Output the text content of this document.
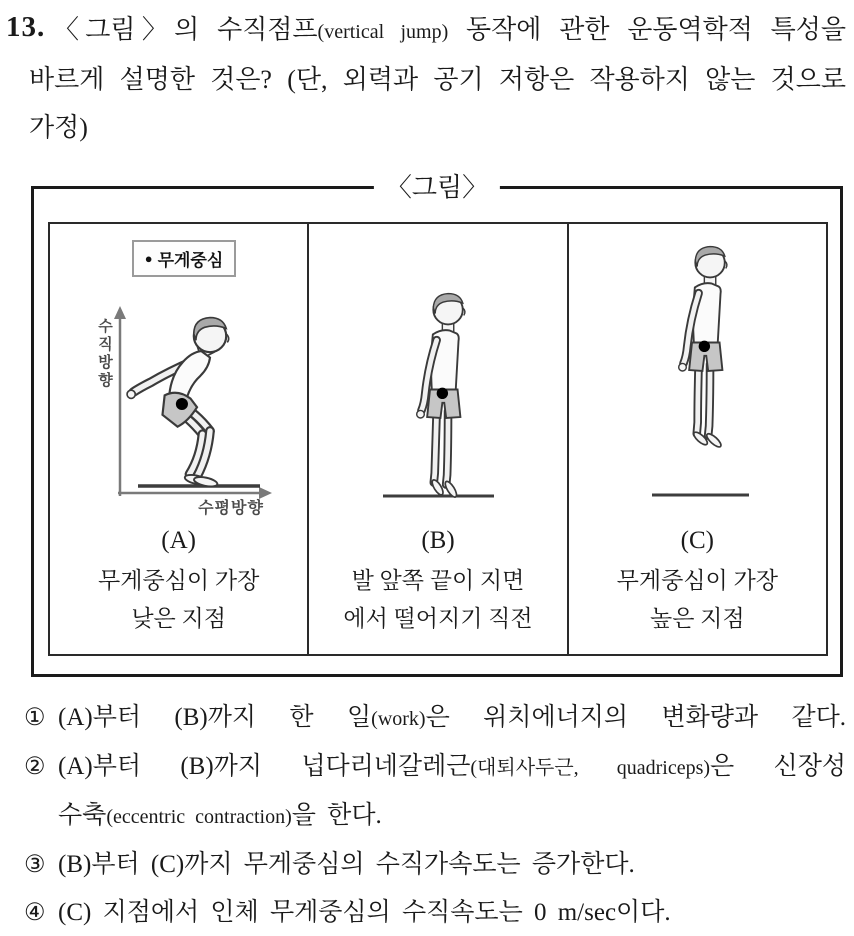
13. 〈그림〉의 수직점프(vertical jump) 동작에 관한 운동역학적 특성을
바르게 설명한 것은? (단, 외력과 공기 저항은 작용하지 않는 것으로
가정)
〈그림〉
● 무게중심
수직방향
수평방향
(A)
무게중심이 가장
낮은 지점
(B)
발 앞쪽 끝이 지면
에서 떨어지기 직전
(C)
무게중심이 가장
높은 지점
① (A)부터 (B)까지 한 일(work)은 위치에너지의 변화량과 같다.
② (A)부터 (B)까지 넙다리네갈레근(대퇴사두근, quadriceps)은 신장성
수축(eccentric contraction)을 한다.
③ (B)부터 (C)까지 무게중심의 수직가속도는 증가한다.
④ (C) 지점에서 인체 무게중심의 수직속도는 0 m/sec이다.
